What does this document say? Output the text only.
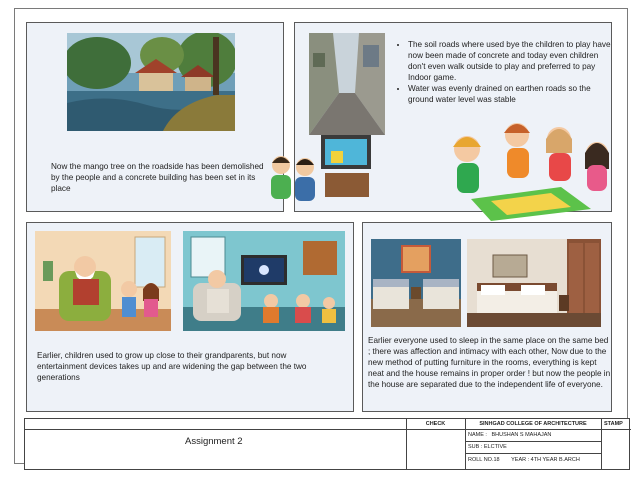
Now the mango tree on the roadside has been demolished by the people and a concrete building has been set in its place
• The soil roads where used bye the children to play have now been made of concrete and today even children don't even walk outside to play and preferred to pay Indoor game.
• Water was evenly drained on earthen roads so the ground water level was stable
Earlier, children used to grow up close to their grandparents, but now entertainment devices takes up and are widening the gap between the two generations
Earlier everyone used to sleep in the same place on the same bed ; there was affection and intimacy with each other, Now due to the new method of putting furniture in the rooms, everything is kept neat and the house remains in proper order ! but now the people in the house are separated due to the independent life of everyone.
Assignment 2
CHECK	SINHGAD COLLEGE OF ARCHITECTURE
NAME : BHUSHAN S MAHAJAN
SUB : ELCTIVE
ROLL NO.18 YEAR : 4TH YEAR B.ARCH
STAMP
